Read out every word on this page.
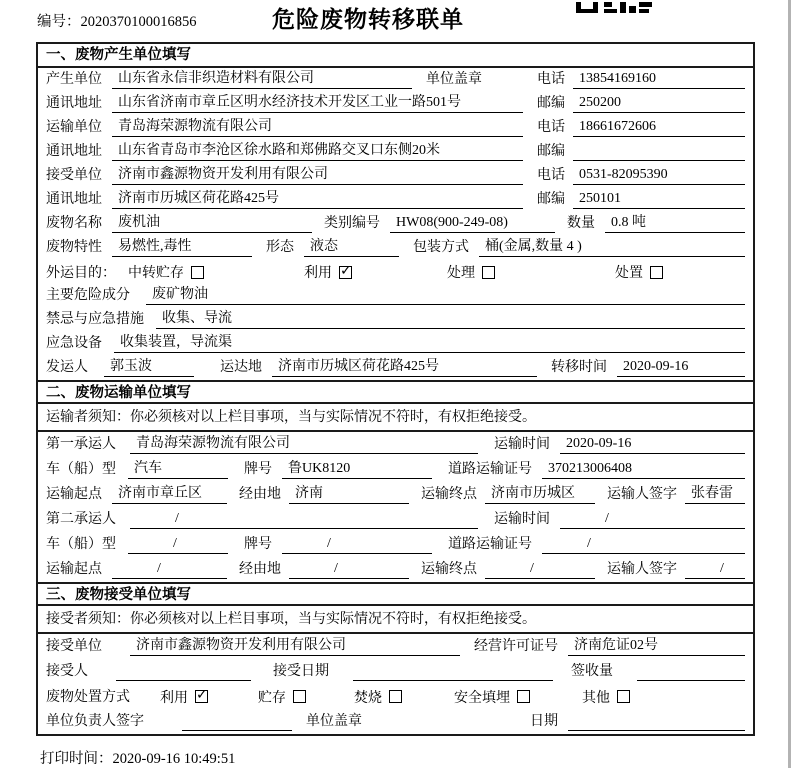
编号：2020370100016856	危险废物转移联单
一、废物产生单位填写
产生单位	山东省永信非织造材料有限公司	单位盖章	电话	13854169160
通讯地址	山东省济南市章丘区明水经济技术开发区工业一路501号	邮编	250200
运输单位	青岛海荣源物流有限公司	电话	18661672606
通讯地址	山东省青岛市李沧区徐水路和郑佛路交叉口东侧20米	邮编
接受单位	济南市鑫源物资开发利用有限公司	电话	0531-82095390
通讯地址	济南市历城区荷花路425号	邮编	250101
废物名称	废机油	类别编号	HW08(900-249-08)	数量	0.8 吨
废物特性	易燃性,毒性	形态	液态	包装方式	桶(金属,数量 4 )
外运目的： 中转贮存	利用 ✓	处理	处置
主要危险成分	废矿物油
禁忌与应急措施	收集、导流
应急设备	收集装置，导流渠
发运人	郭玉波	运达地	济南市历城区荷花路425号	转移时间	2020-09-16
二、废物运输单位填写
运输者须知：你必须核对以上栏目事项，当与实际情况不符时，有权拒绝接受。
第一承运人	青岛海荣源物流有限公司	运输时间	2020-09-16
车（船）型	汽车	牌号	鲁UK8120	道路运输证号	370213006408
运输起点	济南市章丘区	经由地	济南	运输终点	济南市历城区	运输人签字	张春雷
第二承运人	/	运输时间	/
车（船）型	/	牌号	/	道路运输证号	/
运输起点	/	经由地	/	运输终点	/	运输人签字	/
三、废物接受单位填写
接受者须知：你必须核对以上栏目事项，当与实际情况不符时，有权拒绝接受。
接受单位	济南市鑫源物资开发利用有限公司	经营许可证号	济南危证02号
接受人	接受日期	签收量
废物处置方式 利用 ✓	贮存	焚烧	安全填埋	其他
单位负责人签字	单位盖章	日期
打印时间：2020-09-16 10:49:51
